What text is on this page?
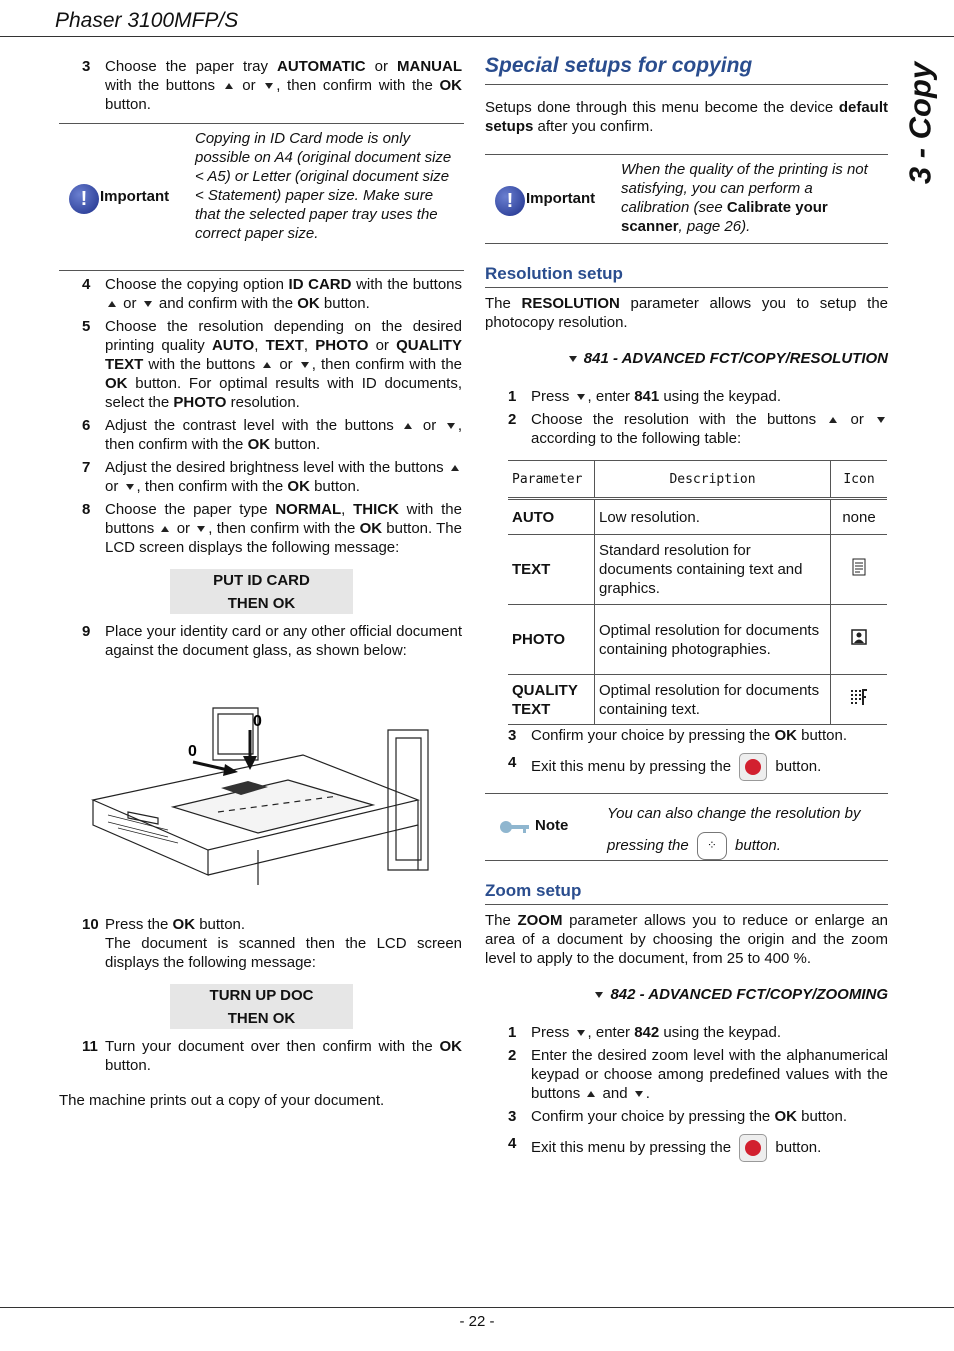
Phaser 3100MFP/S
3 - Copy
3 Choose the paper tray AUTOMATIC or MANUAL with the buttons  or , then confirm with the OK button.
! Important
Copying in ID Card mode is only possible on A4 (original document size < A5) or Letter (original document size < Statement) paper size. Make sure that the selected paper tray uses the correct paper size.
4 Choose the copying option ID CARD with the buttons  or  and confirm with the OK button.
5 Choose the resolution depending on the desired printing quality AUTO, TEXT, PHOTO or QUALITY TEXT with the buttons  or , then confirm with the OK button. For optimal results with ID documents, select the PHOTO resolution.
6 Adjust the contrast level with the buttons  or , then confirm with the OK button.
7 Adjust the desired brightness level with the buttons  or , then confirm with the OK button.
8 Choose the paper type NORMAL, THICK with the buttons  or , then confirm with the OK button. The LCD screen displays the following message:
PUT ID CARD
THEN OK
9 Place your identity card or any other official document against the document glass, as shown below:
0
0
10 Press the OK button.
The document is scanned then the LCD screen displays the following message:
TURN UP DOC
THEN OK
11 Turn your document over then confirm with the OK button.
The machine prints out a copy of your document.
Special setups for copying
Setups done through this menu become the device default setups after you confirm.
! Important
When the quality of the printing is not satisfying, you can perform a calibration (see Calibrate your scanner, page 26).
Resolution setup
The RESOLUTION parameter allows you to setup the photocopy resolution.
841 - ADVANCED FCT/COPY/RESOLUTION
1 Press , enter 841 using the keypad.
2 Choose the resolution with the buttons  or  according to the following table:
Parameter	Description	Icon
AUTO	Low resolution.	none
TEXT	Standard resolution for documents containing text and graphics.	
PHOTO	Optimal resolution for documents containing photographies.	
QUALITY TEXT	Optimal resolution for documents containing text.	
3 Confirm your choice by pressing the OK button.
4 Exit this menu by pressing the  button.
Note
You can also change the resolution by pressing the ⁘ button.
Zoom setup
The ZOOM parameter allows you to reduce or enlarge an area of a document by choosing the origin and the zoom level to apply to the document, from 25 to 400 %.
842 - ADVANCED FCT/COPY/ZOOMING
1 Press , enter 842 using the keypad.
2 Enter the desired zoom level with the alphanumerical keypad or choose among predefined values with the buttons  and .
3 Confirm your choice by pressing the OK button.
4 Exit this menu by pressing the  button.
- 22 -
